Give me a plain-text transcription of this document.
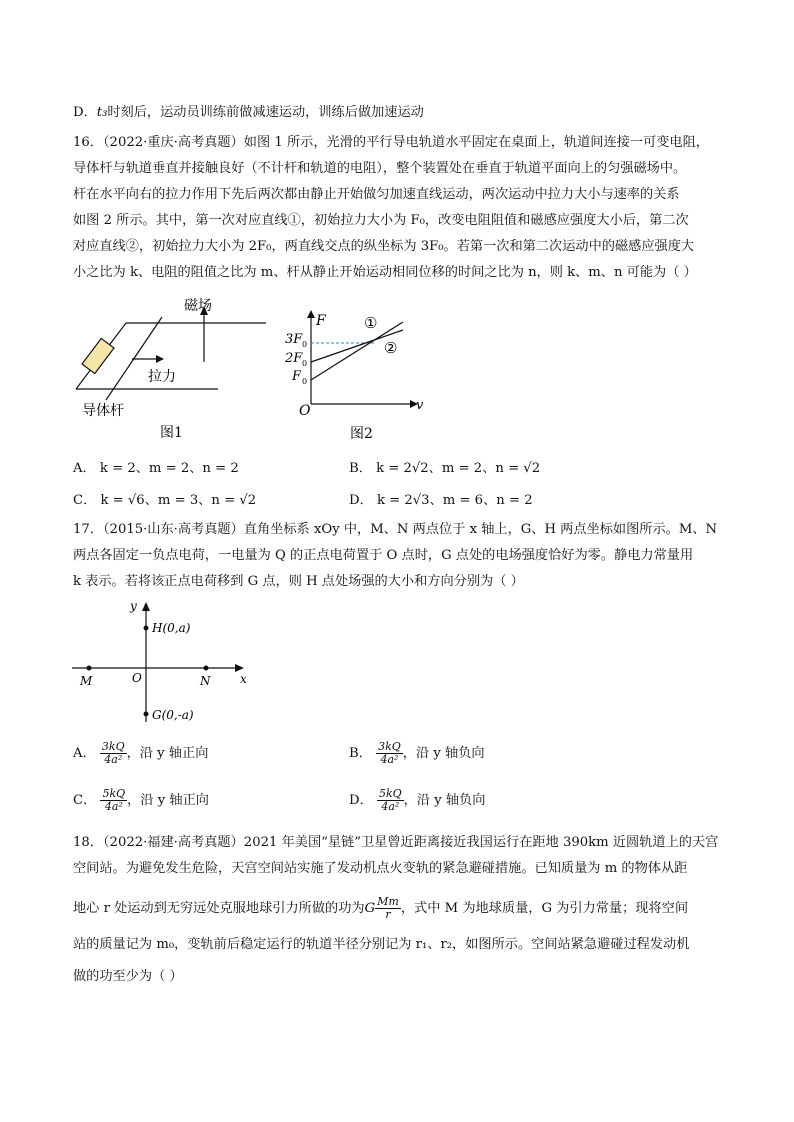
D．t₃时刻后，运动员训练前做减速运动，训练后做加速运动
16．（2022·重庆·高考真题）如图 1 所示，光滑的平行导电轨道水平固定在桌面上，轨道间连接一可变电阻，
导体杆与轨道垂直并接触良好（不计杆和轨道的电阻），整个装置处在垂直于轨道平面向上的匀强磁场中。
杆在水平向右的拉力作用下先后两次都由静止开始做匀加速直线运动，两次运动中拉力大小与速率的关系
如图 2 所示。其中，第一次对应直线①，初始拉力大小为 F₀，改变电阻阻值和磁感应强度大小后，第二次
对应直线②，初始拉力大小为 2F₀，两直线交点的纵坐标为 3F₀。若第一次和第二次运动中的磁感应强度大
小之比为 k、电阻的阻值之比为 m、杆从静止开始运动相同位移的时间之比为 n，则 k、m、n 可能为（ ）
磁场
拉力
导体杆
图1
F
v
O
3F 0
2F 0
F 0
①
②
图2
A． k = 2、m = 2、n = 2	B． k = 2√2、m = 2、n = √2
C． k = √6、m = 3、n = √2	D． k = 2√3、m = 6、n = 2
17．（2015·山东·高考真题）直角坐标系 xOy 中，M、N 两点位于 x 轴上，G、H 两点坐标如图所示。M、N
两点各固定一负点电荷，一电量为 Q 的正点电荷置于 O 点时，G 点处的电场强度恰好为零。静电力常量用
k 表示。若将该正点电荷移到 G 点，则 H 点处场强的大小和方向分别为（ ）
y
x
H(0,a)
G(0,-a)
M	O	N
A． $\frac{3kQ}{\text{4a²}}$ ，沿 y 轴正向	B． $\frac{3kQ}{\text{4a²}}$ ，沿 y 轴负向
C． $\frac{5kQ}{\text{4a²}}$ ，沿 y 轴正向	D． $\frac{5kQ}{\text{4a²}}$ ，沿 y 轴负向
18．（2022·福建·高考真题）2021 年美国“星链”卫星曾近距离接近我国运行在距地 390km 近圆轨道上的天宫
空间站。为避免发生危险，天宫空间站实施了发动机点火变轨的紧急避碰措施。已知质量为 m 的物体从距
地心 r 处运动到无穷远处克服地球引力所做的功为G $\frac{Mm}{r}$ ，式中 M 为地球质量，G 为引力常量；现将空间
站的质量记为 m₀，变轨前后稳定运行的轨道半径分别记为 r₁、r₂，如图所示。空间站紧急避碰过程发动机
做的功至少为（ ）
